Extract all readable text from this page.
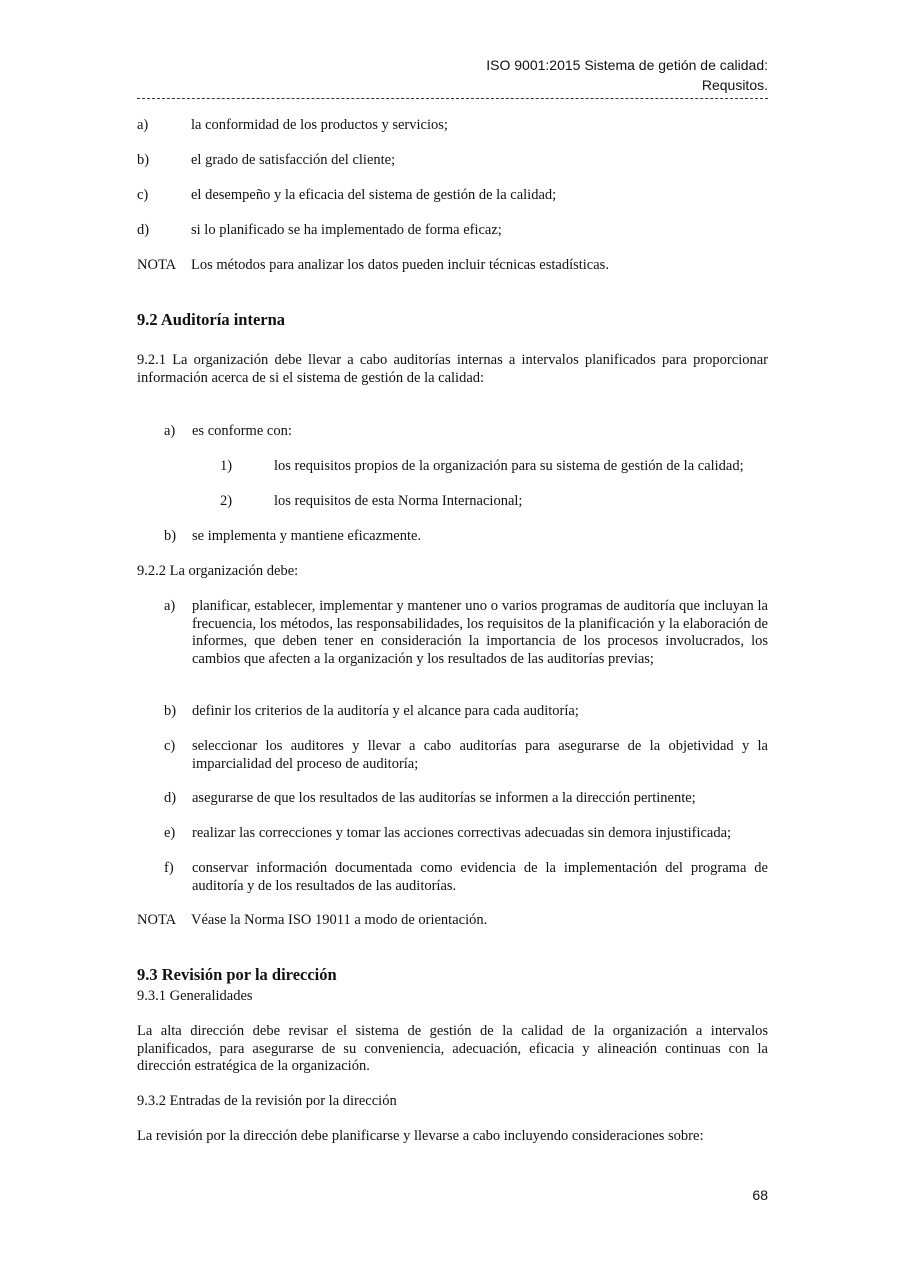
ISO 9001:2015 Sistema de getión de calidad:
Requsitos.
a)	la conformidad de los productos y servicios;
b)	el grado de satisfacción del cliente;
c)	el desempeño y la eficacia del sistema de gestión de la calidad;
d)	si lo planificado se ha implementado de forma eficaz;
NOTA Los métodos para analizar los datos pueden incluir técnicas estadísticas.
9.2 Auditoría interna
9.2.1 La organización debe llevar a cabo auditorías internas a intervalos planificados para proporcionar información acerca de si el sistema de gestión de la calidad:
a) es conforme con:
1)	los requisitos propios de la organización para su sistema de gestión de la calidad;
2)	los requisitos de esta Norma Internacional;
b) se implementa y mantiene eficazmente.
9.2.2 La organización debe:
a) planificar, establecer, implementar y mantener uno o varios programas de auditoría que incluyan la frecuencia, los métodos, las responsabilidades, los requisitos de la planificación y la elaboración de informes, que deben tener en consideración la importancia de los procesos involucrados, los cambios que afecten a la organización y los resultados de las auditorías previas;
b) definir los criterios de la auditoría y el alcance para cada auditoría;
c) seleccionar los auditores y llevar a cabo auditorías para asegurarse de la objetividad y la imparcialidad del proceso de auditoría;
d) asegurarse de que los resultados de las auditorías se informen a la dirección pertinente;
e) realizar las correcciones y tomar las acciones correctivas adecuadas sin demora injustificada;
f) conservar información documentada como evidencia de la implementación del programa de auditoría y de los resultados de las auditorías.
NOTA Véase la Norma ISO 19011 a modo de orientación.
9.3 Revisión por la dirección
9.3.1 Generalidades
La alta dirección debe revisar el sistema de gestión de la calidad de la organización a intervalos planificados, para asegurarse de su conveniencia, adecuación, eficacia y alineación continuas con la dirección estratégica de la organización.
9.3.2 Entradas de la revisión por la dirección
La revisión por la dirección debe planificarse y llevarse a cabo incluyendo consideraciones sobre:
68
